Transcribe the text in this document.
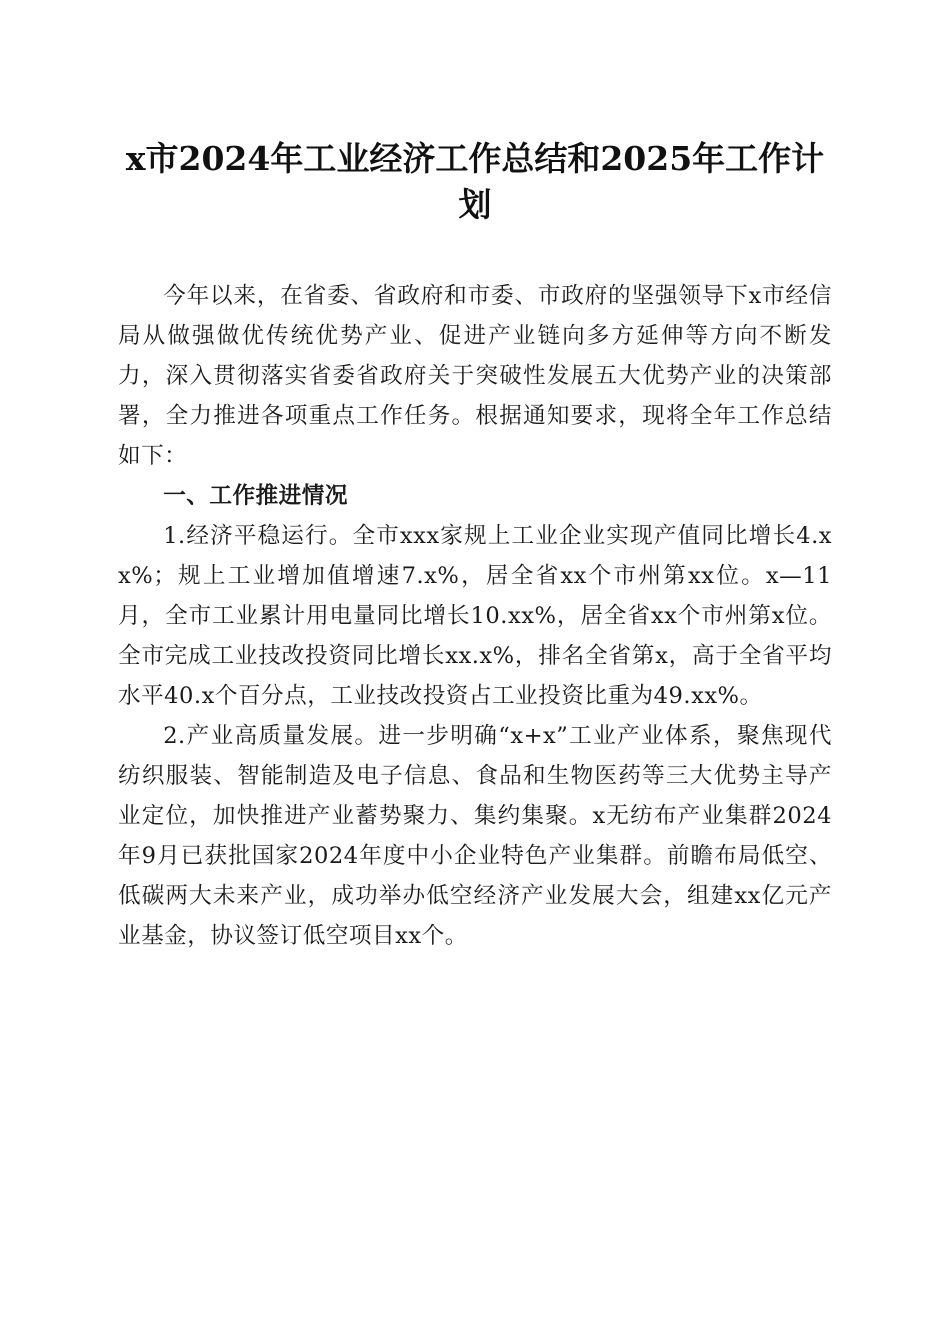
x市2024年工业经济工作总结和2025年工作计划

今年以来，在省委、省政府和市委、市政府的坚强领导下x市经信局从做强做优传统优势产业、促进产业链向多方延伸等方向不断发力，深入贯彻落实省委省政府关于突破性发展五大优势产业的决策部署，全力推进各项重点工作任务。根据通知要求，现将全年工作总结如下：

一、工作推进情况

1.经济平稳运行。全市xxx家规上工业企业实现产值同比增长4.xx%；规上工业增加值增速7.x%，居全省xx个市州第xx位。x—11月，全市工业累计用电量同比增长10.xx%，居全省xx个市州第x位。全市完成工业技改投资同比增长xx.x%，排名全省第x，高于全省平均水平40.x个百分点，工业技改投资占工业投资比重为49.xx%。

2.产业高质量发展。进一步明确“x+x”工业产业体系，聚焦现代纺织服装、智能制造及电子信息、食品和生物医药等三大优势主导产业定位，加快推进产业蓄势聚力、集约集聚。x无纺布产业集群2024年9月已获批国家2024年度中小企业特色产业集群。前瞻布局低空、低碳两大未来产业，成功举办低空经济产业发展大会，组建xx亿元产业基金，协议签订低空项目xx个。
